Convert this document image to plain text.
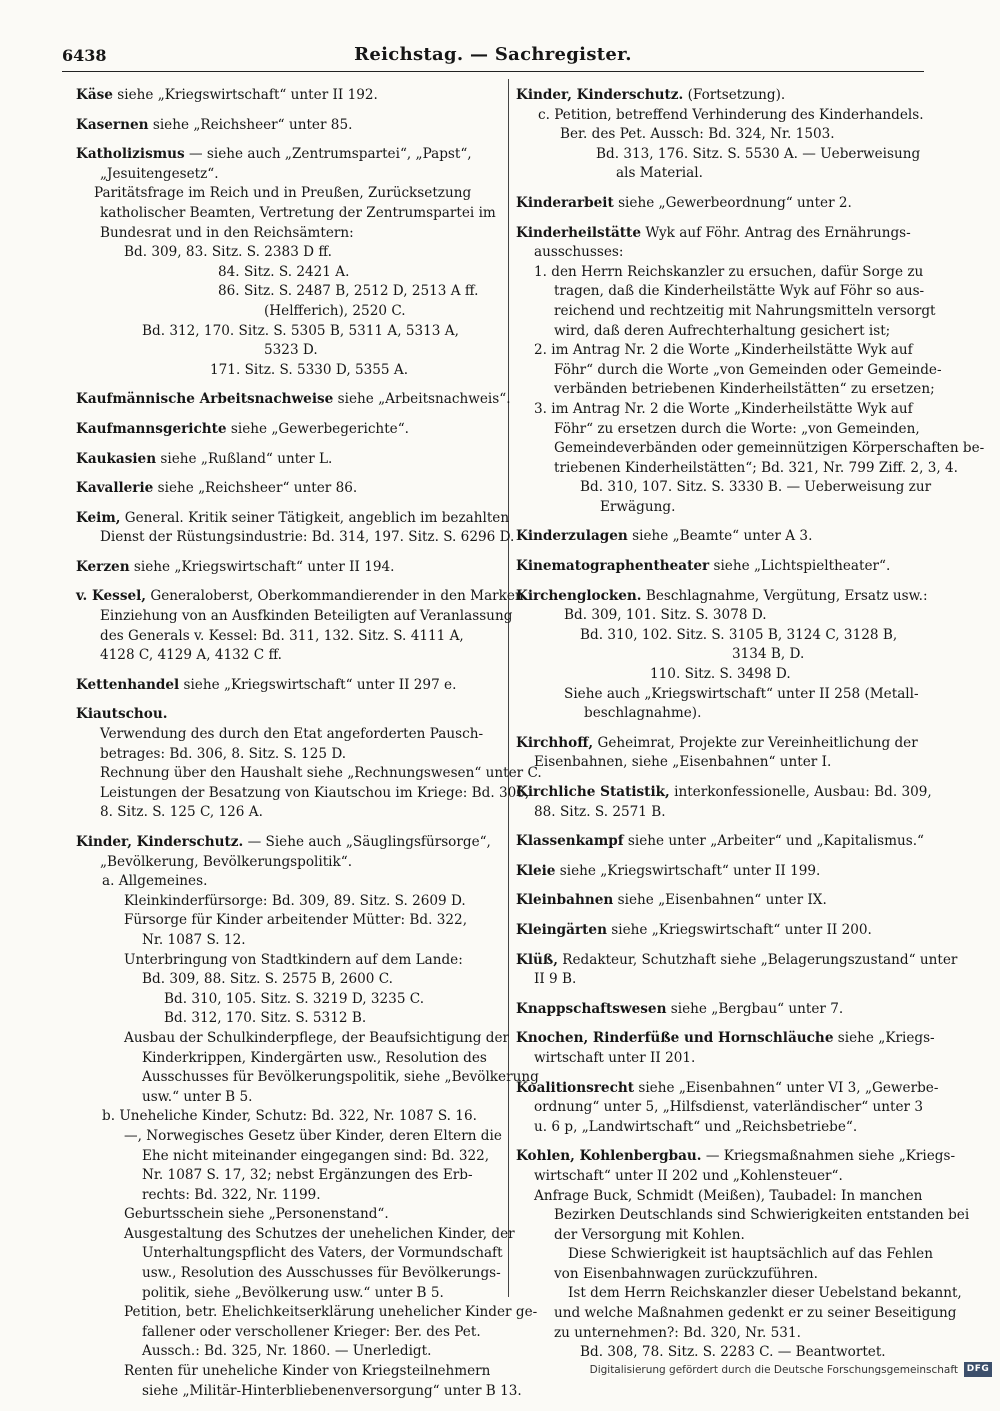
6438	Reichstag. — Sachregister.
Käse siehe „Kriegswirtschaft“ unter II 192.
Kasernen siehe „Reichsheer“ unter 85.
Katholizismus — siehe auch „Zentrumspartei“, „Papst“,
„Jesuitengesetz“.
Paritätsfrage im Reich und in Preußen, Zurücksetzung
katholischer Beamten, Vertretung der Zentrumspartei im
Bundesrat und in den Reichsämtern:
Bd. 309, 83. Sitz. S. 2383 D ff.
84. Sitz. S. 2421 A.
86. Sitz. S. 2487 B, 2512 D, 2513 A ff.
(Helfferich), 2520 C.
Bd. 312, 170. Sitz. S. 5305 B, 5311 A, 5313 A,
5323 D.
171. Sitz. S. 5330 D, 5355 A.
Kaufmännische Arbeitsnachweise siehe „Arbeitsnachweis“.
Kaufmannsgerichte siehe „Gewerbegerichte“.
Kaukasien siehe „Rußland“ unter L.
Kavallerie siehe „Reichsheer“ unter 86.
Keim, General. Kritik seiner Tätigkeit, angeblich im bezahlten
Dienst der Rüstungsindustrie: Bd. 314, 197. Sitz. S. 6296 D.
Kerzen siehe „Kriegswirtschaft“ unter II 194.
v. Kessel, Generaloberst, Oberkommandierender in den Marken.
Einziehung von an Ausfkinden Beteiligten auf Veranlassung
des Generals v. Kessel: Bd. 311, 132. Sitz. S. 4111 A,
4128 C, 4129 A, 4132 C ff.
Kettenhandel siehe „Kriegswirtschaft“ unter II 297 e.
Kiautschou.
Verwendung des durch den Etat angeforderten Pausch-
betrages: Bd. 306, 8. Sitz. S. 125 D.
Rechnung über den Haushalt siehe „Rechnungswesen“ unter C.
Leistungen der Besatzung von Kiautschou im Kriege: Bd. 306,
8. Sitz. S. 125 C, 126 A.
Kinder, Kinderschutz. — Siehe auch „Säuglingsfürsorge“,
„Bevölkerung, Bevölkerungspolitik“.
a. Allgemeines.
Kleinkinderfürsorge: Bd. 309, 89. Sitz. S. 2609 D.
Fürsorge für Kinder arbeitender Mütter: Bd. 322,
Nr. 1087 S. 12.
Unterbringung von Stadtkindern auf dem Lande:
Bd. 309, 88. Sitz. S. 2575 B, 2600 C.
Bd. 310, 105. Sitz. S. 3219 D, 3235 C.
Bd. 312, 170. Sitz. S. 5312 B.
Ausbau der Schulkinderpflege, der Beaufsichtigung der
Kinderkrippen, Kindergärten usw., Resolution des
Ausschusses für Bevölkerungspolitik, siehe „Bevölkerung
usw.“ unter B 5.
b. Uneheliche Kinder, Schutz: Bd. 322, Nr. 1087 S. 16.
—, Norwegisches Gesetz über Kinder, deren Eltern die
Ehe nicht miteinander eingegangen sind: Bd. 322,
Nr. 1087 S. 17, 32; nebst Ergänzungen des Erb-
rechts: Bd. 322, Nr. 1199.
Geburtsschein siehe „Personenstand“.
Ausgestaltung des Schutzes der unehelichen Kinder, der
Unterhaltungspflicht des Vaters, der Vormundschaft
usw., Resolution des Ausschusses für Bevölkerungs-
politik, siehe „Bevölkerung usw.“ unter B 5.
Petition, betr. Ehelichkeitserklärung unehelicher Kinder ge-
fallener oder verschollener Krieger: Ber. des Pet.
Aussch.: Bd. 325, Nr. 1860. — Unerledigt.
Renten für uneheliche Kinder von Kriegsteilnehmern
siehe „Militär-Hinterbliebenenversorgung“ unter B 13.
Kinder, Kinderschutz. (Fortsetzung).
c. Petition, betreffend Verhinderung des Kinderhandels.
Ber. des Pet. Aussch: Bd. 324, Nr. 1503.
Bd. 313, 176. Sitz. S. 5530 A. — Ueberweisung
als Material.
Kinderarbeit siehe „Gewerbeordnung“ unter 2.
Kinderheilstätte Wyk auf Föhr. Antrag des Ernährungs-
ausschusses:
1. den Herrn Reichskanzler zu ersuchen, dafür Sorge zu
tragen, daß die Kinderheilstätte Wyk auf Föhr so aus-
reichend und rechtzeitig mit Nahrungsmitteln versorgt
wird, daß deren Aufrechterhaltung gesichert ist;
2. im Antrag Nr. 2 die Worte „Kinderheilstätte Wyk auf
Föhr“ durch die Worte „von Gemeinden oder Gemeinde-
verbänden betriebenen Kinderheilstätten“ zu ersetzen;
3. im Antrag Nr. 2 die Worte „Kinderheilstätte Wyk auf
Föhr“ zu ersetzen durch die Worte: „von Gemeinden,
Gemeindeverbänden oder gemeinnützigen Körperschaften be-
triebenen Kinderheilstätten“; Bd. 321, Nr. 799 Ziff. 2, 3, 4.
Bd. 310, 107. Sitz. S. 3330 B. — Ueberweisung zur
Erwägung.
Kinderzulagen siehe „Beamte“ unter A 3.
Kinematographentheater siehe „Lichtspieltheater“.
Kirchenglocken. Beschlagnahme, Vergütung, Ersatz usw.:
Bd. 309, 101. Sitz. S. 3078 D.
Bd. 310, 102. Sitz. S. 3105 B, 3124 C, 3128 B,
3134 B, D.
110. Sitz. S. 3498 D.
Siehe auch „Kriegswirtschaft“ unter II 258 (Metall-
beschlagnahme).
Kirchhoff, Geheimrat, Projekte zur Vereinheitlichung der
Eisenbahnen, siehe „Eisenbahnen“ unter I.
Kirchliche Statistik, interkonfessionelle, Ausbau: Bd. 309,
88. Sitz. S. 2571 B.
Klassenkampf siehe unter „Arbeiter“ und „Kapitalismus.“
Kleie siehe „Kriegswirtschaft“ unter II 199.
Kleinbahnen siehe „Eisenbahnen“ unter IX.
Kleingärten siehe „Kriegswirtschaft“ unter II 200.
Klüß, Redakteur, Schutzhaft siehe „Belagerungszustand“ unter
II 9 B.
Knappschaftswesen siehe „Bergbau“ unter 7.
Knochen, Rinderfüße und Hornschläuche siehe „Kriegs-
wirtschaft unter II 201.
Koalitionsrecht siehe „Eisenbahnen“ unter VI 3, „Gewerbe-
ordnung“ unter 5, „Hilfsdienst, vaterländischer“ unter 3
u. 6 p, „Landwirtschaft“ und „Reichsbetriebe“.
Kohlen, Kohlenbergbau. — Kriegsmaßnahmen siehe „Kriegs-
wirtschaft“ unter II 202 und „Kohlensteuer“.
Anfrage Buck, Schmidt (Meißen), Taubadel: In manchen
Bezirken Deutschlands sind Schwierigkeiten entstanden bei
der Versorgung mit Kohlen.
Diese Schwierigkeit ist hauptsächlich auf das Fehlen
von Eisenbahnwagen zurückzuführen.
Ist dem Herrn Reichskanzler dieser Uebelstand bekannt,
und welche Maßnahmen gedenkt er zu seiner Beseitigung
zu unternehmen?: Bd. 320, Nr. 531.
Bd. 308, 78. Sitz. S. 2283 C. — Beantwortet.
Digitalisierung gefördert durch die Deutsche Forschungsgemeinschaft DFG
